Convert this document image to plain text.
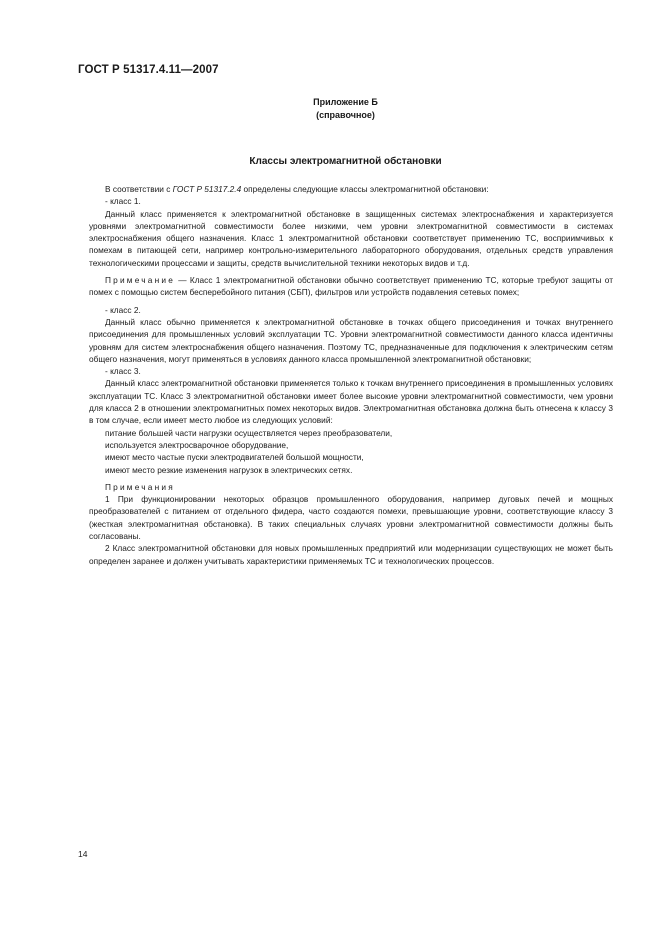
ГОСТ Р 51317.4.11—2007
Приложение Б
(справочное)
Классы электромагнитной обстановки

В соответствии с ГОСТ Р 51317.2.4 определены следующие классы электромагнитной обстановки:

- класс 1.

Данный класс применяется к электромагнитной обстановке в защищенных системах электроснабжения и характеризуется уровнями электромагнитной совместимости более низкими, чем уровни электромагнитной совместимости в системах электроснабжения общего назначения. Класс 1 электромагнитной обстановки соответствует применению ТС, восприимчивых к помехам в питающей сети, например контрольно-измерительного лабораторного оборудования, отдельных средств управления технологическими процессами и защиты, средств вычислительной техники некоторых видов и т.д.

Примечание — Класс 1 электромагнитной обстановки обычно соответствует применению ТС, которые требуют защиты от помех с помощью систем бесперебойного питания (СБП), фильтров или устройств подавления сетевых помех;

- класс 2.

Данный класс обычно применяется к электромагнитной обстановке в точках общего присоединения и точках внутреннего присоединения для промышленных условий эксплуатации ТС. Уровни электромагнитной совместимости данного класса идентичны уровням для систем электроснабжения общего назначения. Поэтому ТС, предназначенные для подключения к электрическим сетям общего назначения, могут применяться в условиях данного класса промышленной электромагнитной обстановки;

- класс 3.

Данный класс электромагнитной обстановки применяется только к точкам внутреннего присоединения в промышленных условиях эксплуатации ТС. Класс 3 электромагнитной обстановки имеет более высокие уровни электромагнитной совместимости, чем уровни для класса 2 в отношении электромагнитных помех некоторых видов. Электромагнитная обстановка должна быть отнесена к классу 3 в том случае, если имеет место любое из следующих условий:

питание большей части нагрузки осуществляется через преобразователи,

используется электросварочное оборудование,

имеют место частые пуски электродвигателей большой мощности,

имеют место резкие изменения нагрузок в электрических сетях.

Примечания

1 При функционировании некоторых образцов промышленного оборудования, например дуговых печей и мощных преобразователей с питанием от отдельного фидера, часто создаются помехи, превышающие уровни, соответствующие классу 3 (жесткая электромагнитная обстановка). В таких специальных случаях уровни электромагнитной совместимости должны быть согласованы.

2 Класс электромагнитной обстановки для новых промышленных предприятий или модернизации существующих не может быть определен заранее и должен учитывать характеристики применяемых ТС и технологических процессов.

14
